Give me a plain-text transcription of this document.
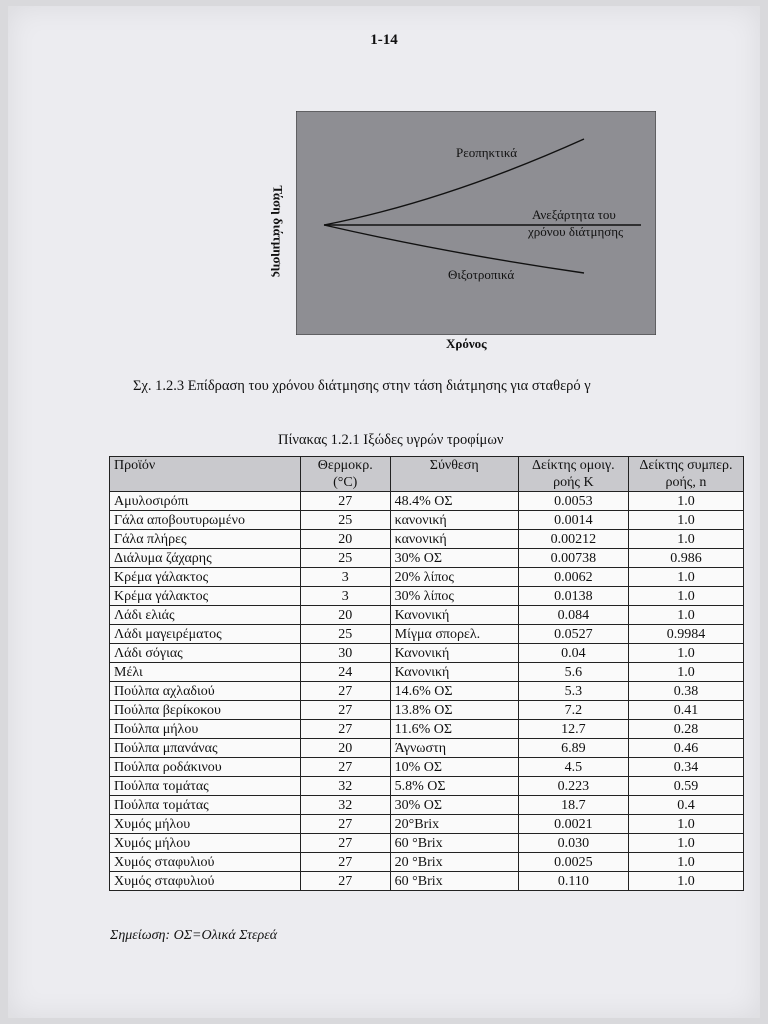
1-14
Τάση διάτμησης
Ρεοπηκτικά
Ανεξάρτητα του
χρόνου διάτμησης
Θιξοτροπικά
Χρόνος
Σχ. 1.2.3 Επίδραση του χρόνου διάτμησης στην τάση διάτμησης για σταθερό γ
Πίνακας 1.2.1 Ιξώδες υγρών τροφίμων
Προϊόν	Θερμοκρ. (°C)	Σύνθεση	Δείκτης ομοιγ. ροής Κ	Δείκτης συμπερ. ροής, n
Αμυλοσιρόπι	27	48.4% ΟΣ	0.0053	1.0
Γάλα αποβουτυρωμένο	25	κανονική	0.0014	1.0
Γάλα πλήρες	20	κανονική	0.00212	1.0
Διάλυμα ζάχαρης	25	30% ΟΣ	0.00738	0.986
Κρέμα γάλακτος	3	20% λίπος	0.0062	1.0
Κρέμα γάλακτος	3	30% λίπος	0.0138	1.0
Λάδι ελιάς	20	Κανονική	0.084	1.0
Λάδι μαγειρέματος	25	Μίγμα σπορελ.	0.0527	0.9984
Λάδι σόγιας	30	Κανονική	0.04	1.0
Μέλι	24	Κανονική	5.6	1.0
Πούλπα αχλαδιού	27	14.6% ΟΣ	5.3	0.38
Πούλπα βερίκοκου	27	13.8% ΟΣ	7.2	0.41
Πούλπα μήλου	27	11.6% ΟΣ	12.7	0.28
Πούλπα μπανάνας	20	Άγνωστη	6.89	0.46
Πούλπα ροδάκινου	27	10% ΟΣ	4.5	0.34
Πούλπα τομάτας	32	5.8% ΟΣ	0.223	0.59
Πούλπα τομάτας	32	30% ΟΣ	18.7	0.4
Χυμός μήλου	27	20°Brix	0.0021	1.0
Χυμός μήλου	27	60 °Brix	0.030	1.0
Χυμός σταφυλιού	27	20 °Brix	0.0025	1.0
Χυμός σταφυλιού	27	60 °Brix	0.110	1.0
Σημείωση: ΟΣ=Ολικά Στερεά
